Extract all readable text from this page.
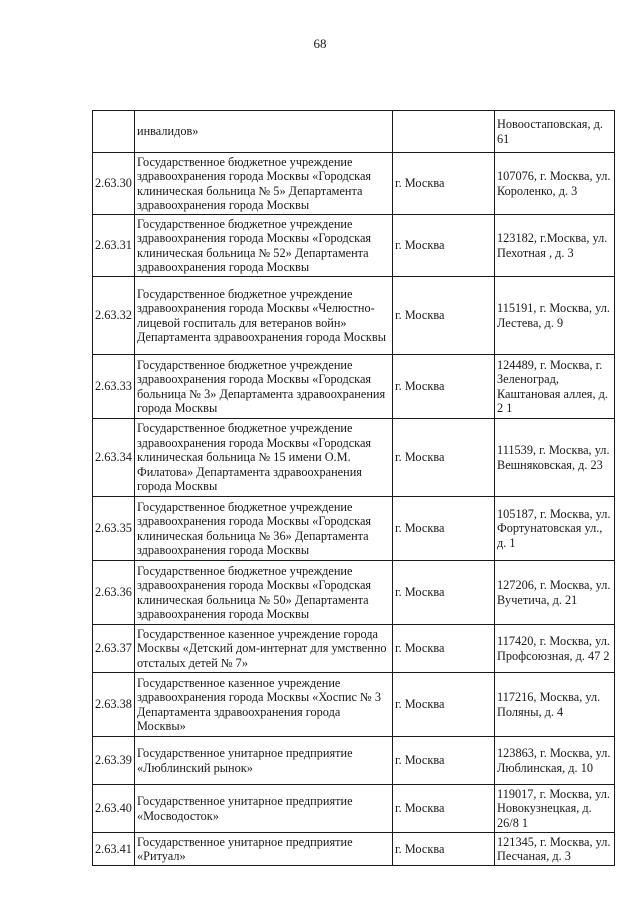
68
	инвалидов»		Новоостаповская, д. 61
2.63.30	Государственное бюджетное учреждение здравоохранения города Москвы «Городская клиническая больница № 5» Департамента здравоохранения города Москвы	г. Москва	107076, г. Москва, ул. Короленко, д. 3
2.63.31	Государственное бюджетное учреждение здравоохранения города Москвы «Городская клиническая больница № 52» Департамента здравоохранения города Москвы	г. Москва	123182, г.Москва, ул. Пехотная , д. 3
2.63.32	Государственное бюджетное учреждение здравоохранения города Москвы «Челюстно-лицевой госпиталь для ветеранов войн» Департамента здравоохранения города Москвы	г. Москва	115191, г. Москва, ул. Лестева, д. 9
2.63.33	Государственное бюджетное учреждение здравоохранения города Москвы «Городская больница № 3» Департамента здравоохранения города Москвы	г. Москва	124489, г. Москва, г. Зеленоград, Каштановая аллея, д. 2 1
2.63.34	Государственное бюджетное учреждение здравоохранения города Москвы «Городская клиническая больница № 15 имени О.М. Филатова» Департамента здравоохранения города Москвы	г. Москва	111539, г. Москва, ул. Вешняковская, д. 23
2.63.35	Государственное бюджетное учреждение здравоохранения города Москвы «Городская клиническая больница № 36» Департамента здравоохранения города Москвы	г. Москва	105187, г. Москва, ул. Фортунатовская ул., д. 1
2.63.36	Государственное бюджетное учреждение здравоохранения города Москвы «Городская клиническая больница № 50» Департамента здравоохранения города Москвы	г. Москва	127206, г. Москва, ул. Вучетича, д. 21
2.63.37	Государственное казенное учреждение города Москвы «Детский дом-интернат для умственно отсталых детей № 7»	г. Москва	117420, г. Москва, ул. Профсоюзная, д. 47 2
2.63.38	Государственное казенное учреждение здравоохранения города Москвы «Хоспис № 3 Департамента здравоохранения города Москвы»	г. Москва	117216, Москва, ул. Поляны, д. 4
2.63.39	Государственное унитарное предприятие «Люблинский рынок»	г. Москва	123863, г. Москва, ул. Люблинская, д. 10
2.63.40	Государственное унитарное предприятие «Мосводосток»	г. Москва	119017, г. Москва, ул. Новокузнецкая, д. 26/8 1
2.63.41	Государственное унитарное предприятие «Ритуал»	г. Москва	121345, г. Москва, ул. Песчаная, д. 3
